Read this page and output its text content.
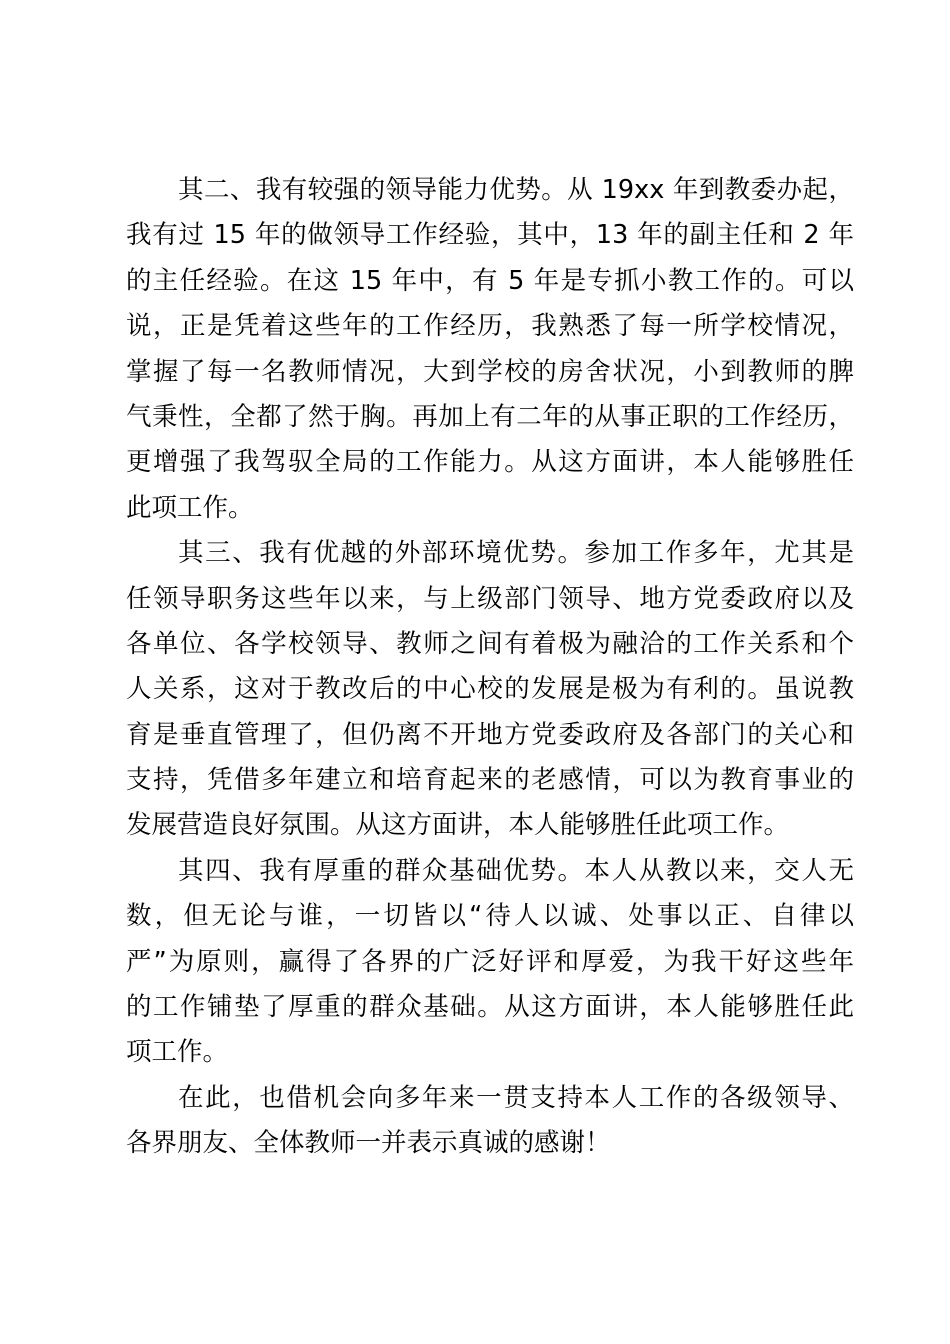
其二、我有较强的领导能力优势。从 19xx 年到教委办起，
我有过 15 年的做领导工作经验，其中，13 年的副主任和 2 年
的主任经验。在这 15 年中，有 5 年是专抓小教工作的。可以
说，正是凭着这些年的工作经历，我熟悉了每一所学校情况，
掌握了每一名教师情况，大到学校的房舍状况，小到教师的脾
气秉性，全都了然于胸。再加上有二年的从事正职的工作经历，
更增强了我驾驭全局的工作能力。从这方面讲，本人能够胜任
此项工作。
其三、我有优越的外部环境优势。参加工作多年，尤其是
任领导职务这些年以来，与上级部门领导、地方党委政府以及
各单位、各学校领导、教师之间有着极为融洽的工作关系和个
人关系，这对于教改后的中心校的发展是极为有利的。虽说教
育是垂直管理了，但仍离不开地方党委政府及各部门的关心和
支持，凭借多年建立和培育起来的老感情，可以为教育事业的
发展营造良好氛围。从这方面讲，本人能够胜任此项工作。
其四、我有厚重的群众基础优势。本人从教以来，交人无
数，但无论与谁，一切皆以“待人以诚、处事以正、自律以
严”为原则，赢得了各界的广泛好评和厚爱，为我干好这些年
的工作铺垫了厚重的群众基础。从这方面讲，本人能够胜任此
项工作。
在此，也借机会向多年来一贯支持本人工作的各级领导、
各界朋友、全体教师一并表示真诚的感谢！
